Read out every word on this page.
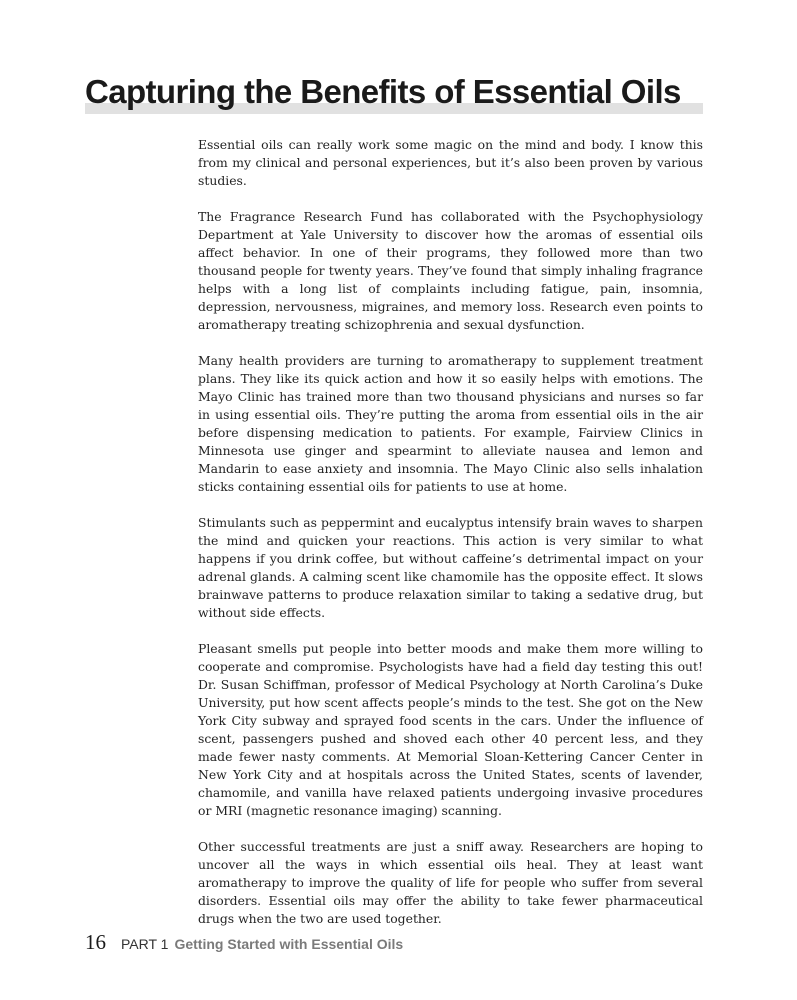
Capturing the Benefits of Essential Oils

Essential oils can really work some magic on the mind and body. I know this from my clinical and personal experiences, but it’s also been proven by various studies.

The Fragrance Research Fund has collaborated with the Psychophysiology Department at Yale University to discover how the aromas of essential oils affect behavior. In one of their programs, they followed more than two thousand people for twenty years. They’ve found that simply inhaling fragrance helps with a long list of complaints including fatigue, pain, insomnia, depression, nervousness, migraines, and memory loss. Research even points to aromatherapy treating schizophrenia and sexual dysfunction.

Many health providers are turning to aromatherapy to supplement treatment plans. They like its quick action and how it so easily helps with emotions. The Mayo Clinic has trained more than two thousand physicians and nurses so far in using essential oils. They’re putting the aroma from essential oils in the air before dispensing medication to patients. For example, Fairview Clinics in Minnesota use ginger and spearmint to alleviate nausea and lemon and Mandarin to ease anxiety and insomnia. The Mayo Clinic also sells inhalation sticks containing essential oils for patients to use at home.

Stimulants such as peppermint and eucalyptus intensify brain waves to sharpen the mind and quicken your reactions. This action is very similar to what happens if you drink coffee, but without caffeine’s detrimental impact on your adrenal glands. A calming scent like chamomile has the opposite effect. It slows brainwave patterns to produce relaxation similar to taking a sedative drug, but without side effects.

Pleasant smells put people into better moods and make them more willing to cooperate and compromise. Psychologists have had a field day testing this out! Dr. Susan Schiffman, professor of Medical Psychology at North Carolina’s Duke University, put how scent affects people’s minds to the test. She got on the New York City subway and sprayed food scents in the cars. Under the influence of scent, passengers pushed and shoved each other 40 percent less, and they made fewer nasty comments. At Memorial Sloan-Kettering Cancer Center in New York City and at hospitals across the United States, scents of lavender, chamomile, and vanilla have relaxed patients undergoing invasive procedures or MRI (magnetic resonance imaging) scanning.

Other successful treatments are just a sniff away. Researchers are hoping to uncover all the ways in which essential oils heal. They at least want aromatherapy to improve the quality of life for people who suffer from several disorders. Essential oils may offer the ability to take fewer pharmaceutical drugs when the two are used together.

16 PART 1 Getting Started with Essential Oils
